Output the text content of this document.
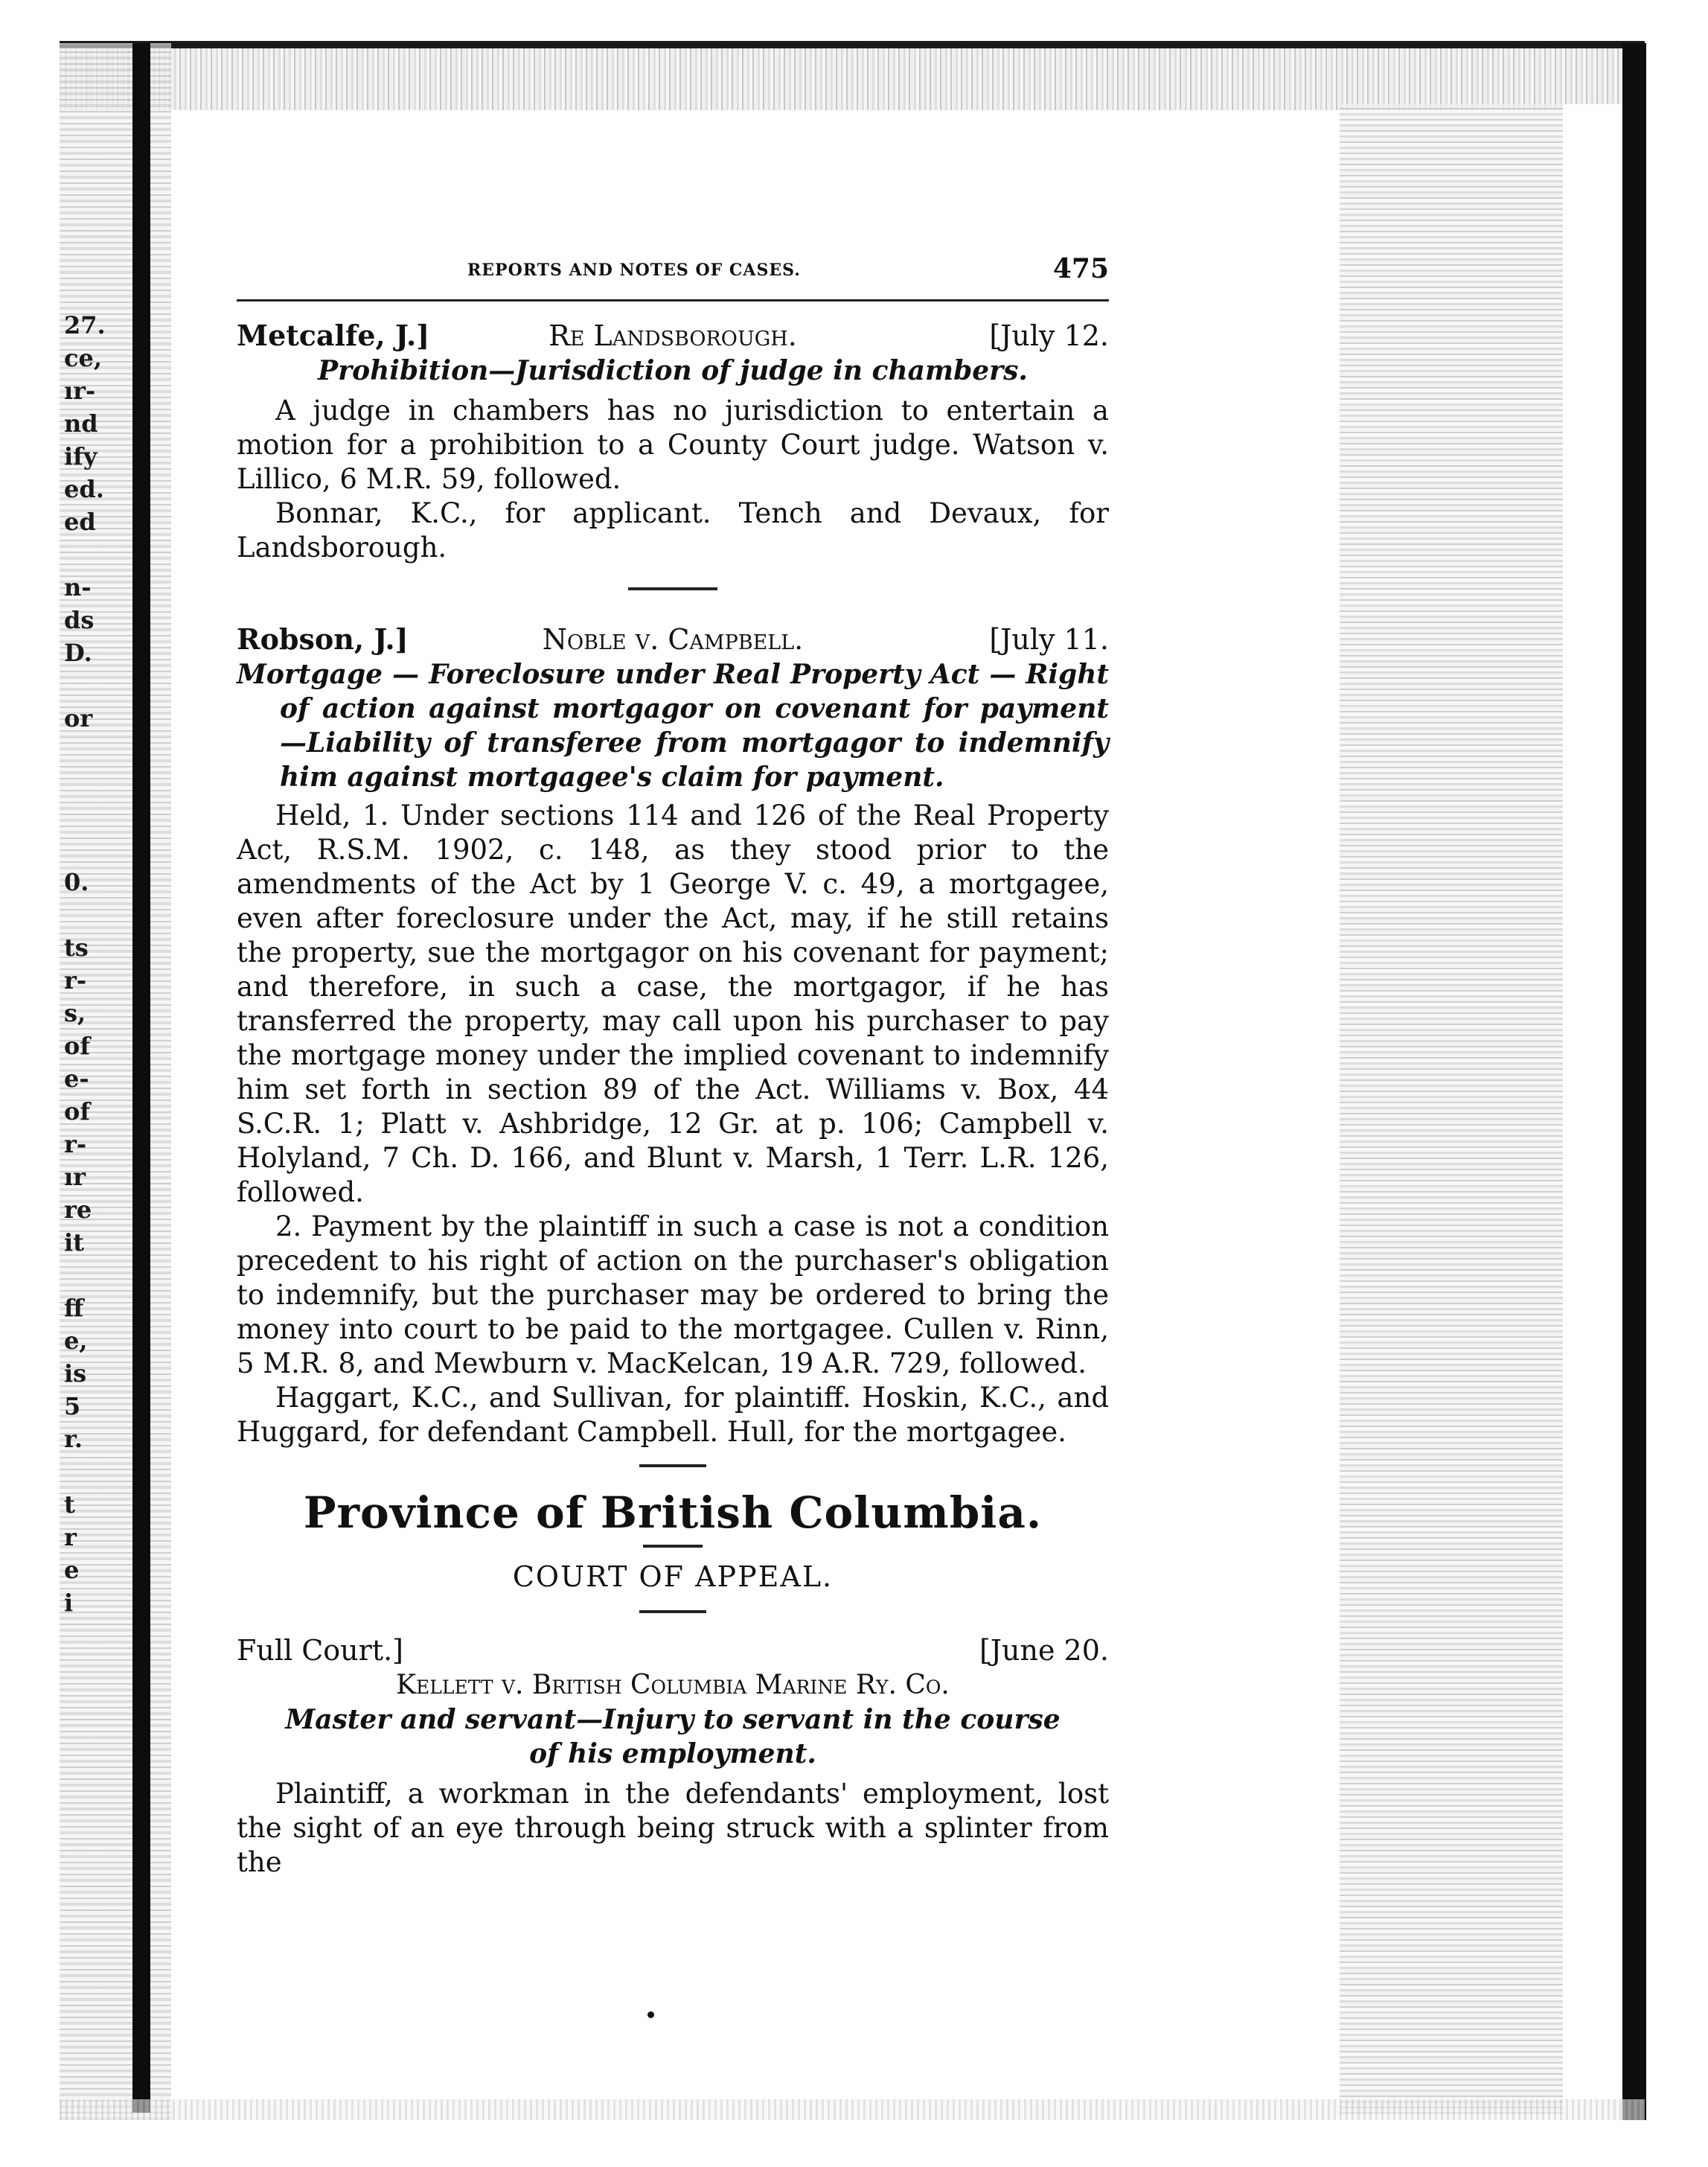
27.
ce,
ır-
nd
ify
ed.
ed
n-
ds
D.
or
0.
ts
r-
s,
of
e-
of
r-
ır
re
it
ff
e,
is
5
r.
t
r
e
i
REPORTS AND NOTES OF CASES.	475
Metcalfe, J.]	Re Landsborough.	[July 12.
Prohibition—Jurisdiction of judge in chambers.

A judge in chambers has no jurisdiction to entertain a motion for a prohibition to a County Court judge. Watson v. Lillico, 6 M.R. 59, followed.

Bonnar, K.C., for applicant. Tench and Devaux, for Landsborough.

Robson, J.]	Noble v. Campbell.	[July 11.
Mortgage — Foreclosure under Real Property Act — Right of action against mortgagor on covenant for payment—Liability of transferee from mortgagor to indemnify him against mortgagee's claim for payment.

Held, 1. Under sections 114 and 126 of the Real Property Act, R.S.M. 1902, c. 148, as they stood prior to the amendments of the Act by 1 George V. c. 49, a mortgagee, even after foreclosure under the Act, may, if he still retains the property, sue the mortgagor on his covenant for payment; and therefore, in such a case, the mortgagor, if he has transferred the property, may call upon his purchaser to pay the mortgage money under the implied covenant to indemnify him set forth in section 89 of the Act. Williams v. Box, 44 S.C.R. 1; Platt v. Ashbridge, 12 Gr. at p. 106; Campbell v. Holyland, 7 Ch. D. 166, and Blunt v. Marsh, 1 Terr. L.R. 126, followed.

2. Payment by the plaintiff in such a case is not a condition precedent to his right of action on the purchaser's obligation to indemnify, but the purchaser may be ordered to bring the money into court to be paid to the mortgagee. Cullen v. Rinn, 5 M.R. 8, and Mewburn v. MacKelcan, 19 A.R. 729, followed.

Haggart, K.C., and Sullivan, for plaintiff. Hoskin, K.C., and Huggard, for defendant Campbell. Hull, for the mortgagee.

Province of British Columbia.
COURT OF APPEAL.
Full Court.]	[June 20.
Kellett v. British Columbia Marine Ry. Co.
Master and servant—Injury to servant in the course of his employment.

Plaintiff, a workman in the defendants' employment, lost the sight of an eye through being struck with a splinter from the
